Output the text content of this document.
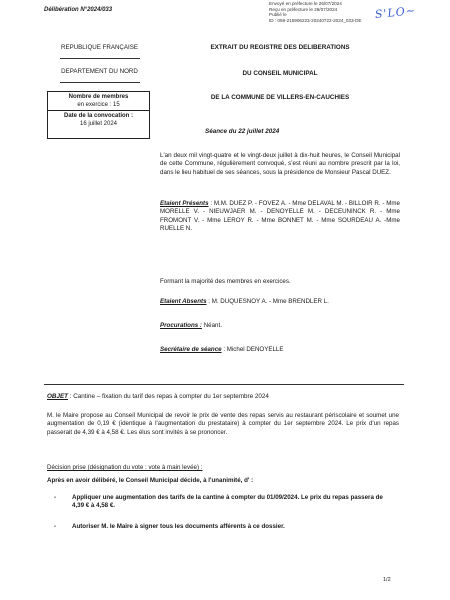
Envoyé en préfecture le 26/07/2024
Reçu en préfecture le 26/07/2024
Publié le
ID : 059-215906223-20240722-2024_033-DE	S'LO~
Délibération N°2024/033
REPUBLIQUE FRANÇAISE
DEPARTEMENT DU NORD
Nombre de membres
en exercice : 15
Date de la convocation :
16 juillet 2024
EXTRAIT DU REGISTRE DES DELIBERATIONS
DU CONSEIL MUNICIPAL
DE LA COMMUNE DE VILLERS-EN-CAUCHIES
Séance du 22 juillet 2024
L'an deux mil vingt-quatre et le vingt-deux juillet à dix-huit heures, le Conseil Municipal de cette Commune, régulièrement convoqué, s'est réuni au nombre prescrit par la loi, dans le lieu habituel de ses séances, sous la présidence de Monsieur Pascal DUEZ.
Etaient Présents : M.M. DUEZ P. - FOVEZ A. - Mme DELAVAL M. - BILLOIR R. - Mme MORELLE V. - NIEUWJAER M. - DENOYELLE M. - DECEUNINCK R. - Mme FROMONT V. - Mme LEROY R. - Mme BONNET M. - Mme SOURDEAU A. -Mme RUELLE N.
Formant la majorité des membres en exercices.
Etaient Absents : M. DUQUESNOY A. - Mme BRENDLER L.
Procurations : Néant.
Secrétaire de séance : Michel DENOYELLE
OBJET : Cantine – fixation du tarif des repas à compter du 1er septembre 2024
M. le Maire propose au Conseil Municipal de revoir le prix de vente des repas servis au restaurant périscolaire et soumet une augmentation de 0,19 € (identique à l'augmentation du prestataire) à compter du 1er septembre 2024. Le prix d'un repas passerait de 4,39 € à 4,58 €. Les élus sont invités à se prononcer.
Décision prise (désignation du vote : vote à main levée) :
Après en avoir délibéré, le Conseil Municipal décide, à l'unanimité, d' :
-	Appliquer une augmentation des tarifs de la cantine à compter du 01/09/2024. Le prix du repas passera de 4,39 € à 4,58 €.
-	Autoriser M. le Maire à signer tous les documents afférents à ce dossier.
1/2
